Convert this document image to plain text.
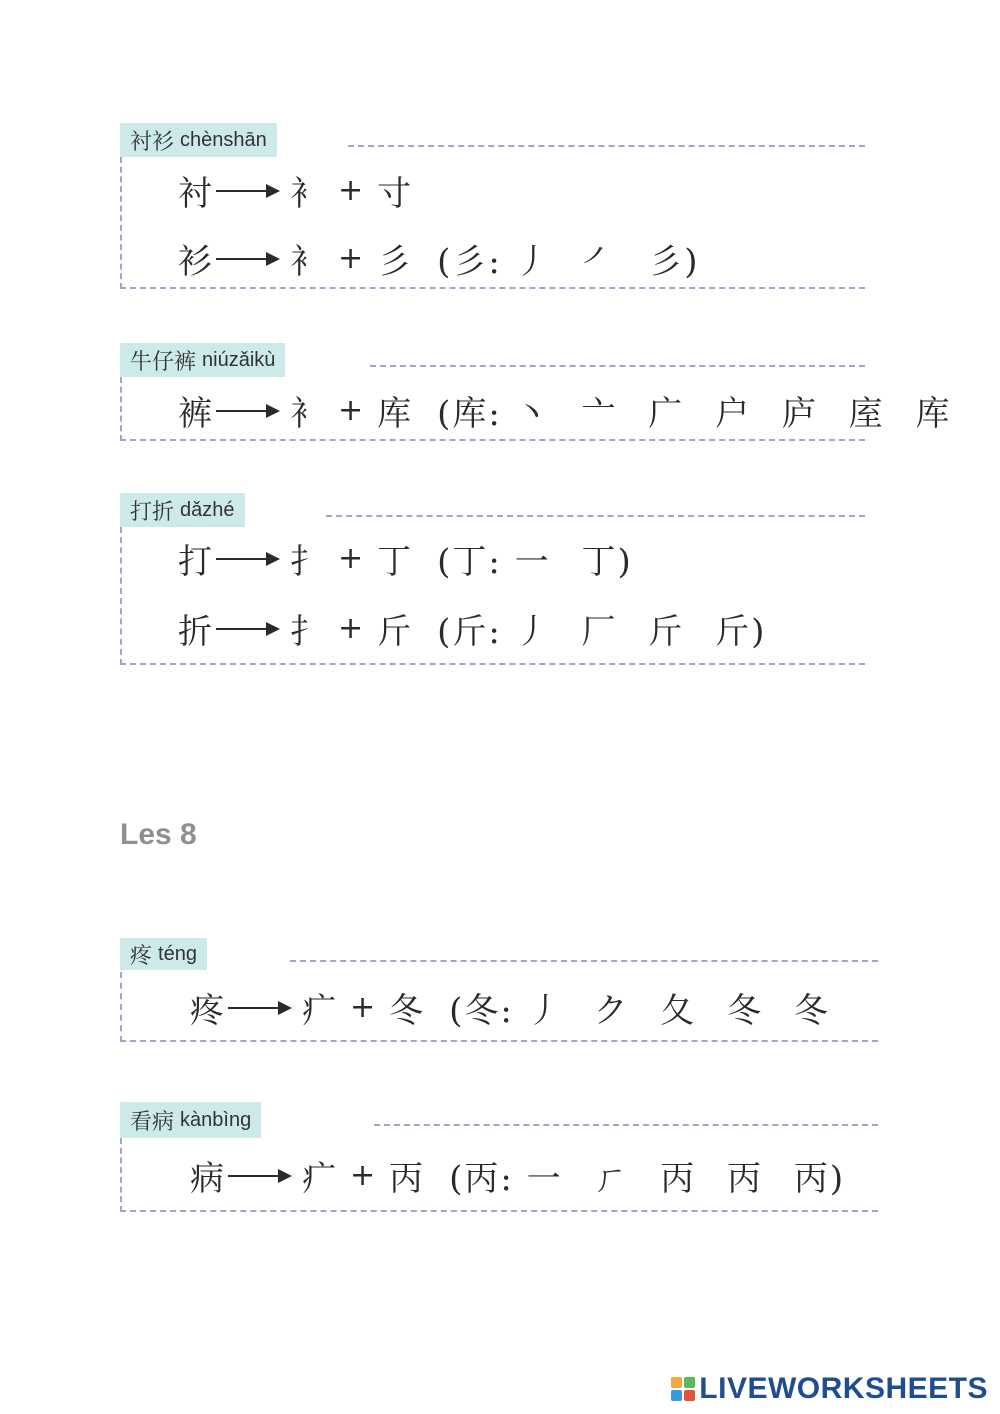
衬衫 chènshān
衬 衤 + 寸
衫 衤 + 彡 (彡: 丿 ㇒ 彡)
牛仔裤 niúzǎikù
裤 衤 + 库 (库: 丶 亠 广 户 庐 庢 库
打折 dǎzhé
打 扌 + 丁 (丁: 一 丁)
折 扌 + 斤 (斤: 丿 厂 斤 斤)
Les 8
疼 téng
疼 疒 + 冬 (冬: 丿 ク 夂 冬 冬
看病 kànbìng
病 疒 + 丙 (丙: 一 ㄏ 丙 丙 丙)
LIVEWORKSHEETS
